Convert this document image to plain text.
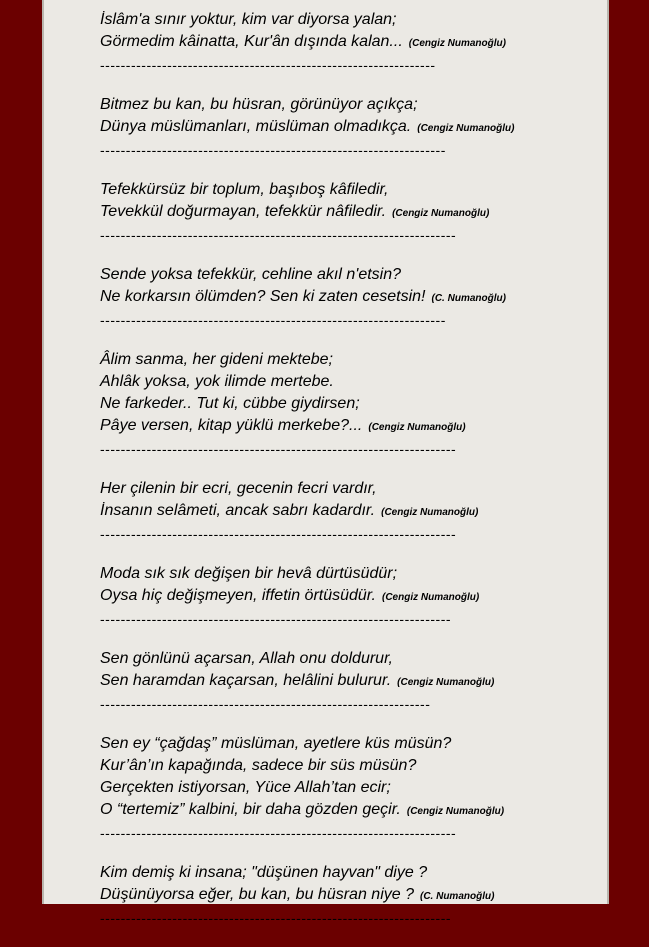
İslâm'a sınır yoktur, kim var diyorsa yalan;
Görmedim kâinatta, Kur'ân dışında kalan... (Cengiz Numanoğlu)
-----------------------------------------------------------------
Bitmez bu kan, bu hüsran, görünüyor açıkça;
Dünya müslümanları, müslüman olmadıkça. (Cengiz Numanoğlu)
-------------------------------------------------------------------
Tefekkürsüz bir toplum, başıboş kâfiledir,
Tevekkül doğurmayan, tefekkür nâfiledir. (Cengiz Numanoğlu)
---------------------------------------------------------------------
Sende yoksa tefekkür, cehline akıl n'etsin?
Ne korkarsın ölümden? Sen ki zaten cesetsin! (C. Numanoğlu)
-------------------------------------------------------------------
Âlim sanma, her gideni mektebe;
Ahlâk yoksa, yok ilimde mertebe.
Ne farkeder.. Tut ki, cübbe giydirsen;
Pâye versen, kitap yüklü merkebe?... (Cengiz Numanoğlu)
---------------------------------------------------------------------
Her çilenin bir ecri, gecenin fecri vardır,
İnsanın selâmeti, ancak sabrı kadardır. (Cengiz Numanoğlu)
---------------------------------------------------------------------
Moda sık sık değişen bir hevâ dürtüsüdür;
Oysa hiç değişmeyen, iffetin örtüsüdür. (Cengiz Numanoğlu)
--------------------------------------------------------------------
Sen gönlünü açarsan, Allah onu doldurur,
Sen haramdan kaçarsan, helâlini bulurur. (Cengiz Numanoğlu)
----------------------------------------------------------------
Sen ey “çağdaş” müslüman, ayetlere küs müsün?
Kur’ân’ın kapağında, sadece bir süs müsün?
Gerçekten istiyorsan, Yüce Allah’tan ecir;
O “tertemiz” kalbini, bir daha gözden geçir. (Cengiz Numanoğlu)
---------------------------------------------------------------------
Kim demiş ki insana; "düşünen hayvan" diye ?
Düşünüyorsa eğer, bu kan, bu hüsran niye ? (C. Numanoğlu)
--------------------------------------------------------------------
